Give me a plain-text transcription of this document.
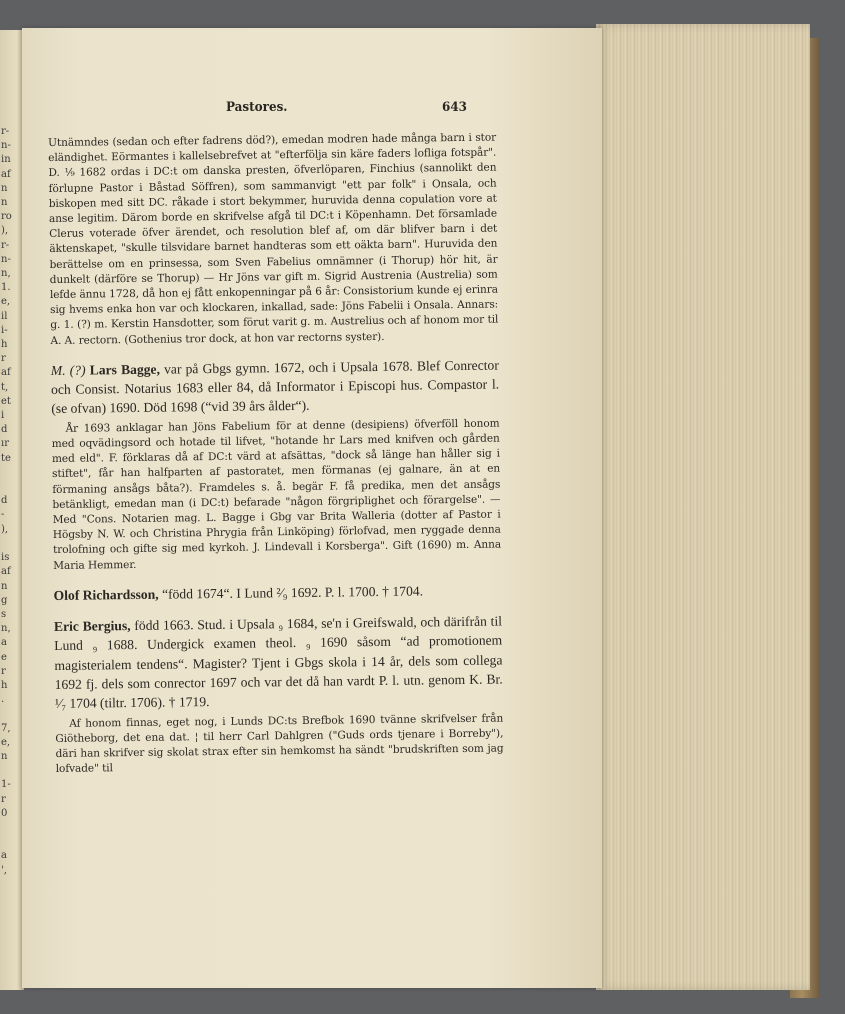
r-
n-
in
af
n
n
ro
),
r-
n-
n,
1.
e,
il
i-
h
r
af
t,
et
i
d
ır
te

d
-
),

is
af
n
g
s
n,
a
e
r
h
.

7,
e,
n

1-
r
0

a
',
Pastores.	643

Utnämndes (sedan och efter fadrens död?), emedan modren hade många barn i stor eländighet. Eörmantes i kallelsebrefvet at "efterfölja sin käre faders lofliga fotspår". D. ¹⁄₉ 1682 ordas i DC:t om danska presten, öfverlöparen, Finchius (sannolikt den förlupne Pastor i Båstad Söffren), som sammanvigt "ett par folk" i Onsala, och biskopen med sitt DC. råkade i stort bekymmer, huruvida denna copulation vore at anse legitim. Därom borde en skrifvelse afgå til DC:t i Köpenhamn. Det församlade Clerus voterade öfver ärendet, och resolution blef af, om där blifver barn i det äktenskapet, "skulle tilsvidare barnet handteras som ett oäkta barn". Huruvida den berättelse om en prinsessa, som Sven Fabelius omnämner (i Thorup) hör hit, är dunkelt (därföre se Thorup) — Hr Jöns var gift m. Sigrid Austrenia (Austrelia) som lefde ännu 1728, då hon ej fått enkopenningar på 6 år: Consistorium kunde ej erinra sig hvems enka hon var och klockaren, inkallad, sade: Jöns Fabelii i Onsala. Annars: g. 1. (?) m. Kerstin Hansdotter, som förut varit g. m. Austrelius och af honom mor til A. A. rectorn. (Gothenius tror dock, at hon var rectorns syster).

M. (?) Lars Bagge, var på Gbgs gymn. 1672, och i Upsala 1678. Blef Conrector och Consist. Notarius 1683 eller 84, då Informator i Episcopi hus. Compastor l. (se ofvan) 1690. Död 1698 (“vid 39 års ålder“).

År 1693 anklagar han Jöns Fabelium för at denne (desipiens) öfverföll honom med oqvädingsord och hotade til lifvet, "hotande hr Lars med knifven och gården med eld". F. förklaras då af DC:t värd at afsättas, "dock så länge han håller sig i stiftet", får han halfparten af pastoratet, men förmanas (ej galnare, än at en förmaning ansågs båta?). Framdeles s. å. begär F. få predika, men det ansågs betänkligt, emedan man (i DC:t) befarade "någon förgriplighet och förargelse". — Med "Cons. Notarien mag. L. Bagge i Gbg var Brita Walleria (dotter af Pastor i Högsby N. W. och Christina Phrygia från Linköping) förlofvad, men ryggade denna trolofning och gifte sig med kyrkoh. J. Lindevall i Korsberga". Gift (1690) m. Anna Maria Hemmer.

Olof Richardsson, “född 1674“. I Lund ²⁄₉ 1692. P. l. 1700. † 1704.

Eric Bergius, född 1663. Stud. i Upsala ₉ 1684, se'n i Greifswald, och därifrån til Lund ₉ 1688. Undergick examen theol. ₉ 1690 såsom “ad promotionem magisterialem tendens“. Magister? Tjent i Gbgs skola i 14 år, dels som collega 1692 fj. dels som conrector 1697 och var det då han vardt P. l. utn. genom K. Br. ¹⁄₇ 1704 (tiltr. 1706). † 1719.

Af honom finnas, eget nog, i Lunds DC:ts Brefbok 1690 tvänne skrifvelser från Giötheborg, det ena dat. ¦ til herr Carl Dahlgren ("Guds ords tjenare i Borreby"), däri han skrifver sig skolat strax efter sin hemkomst ha sändt "brudskriften som jag lofvade" til
